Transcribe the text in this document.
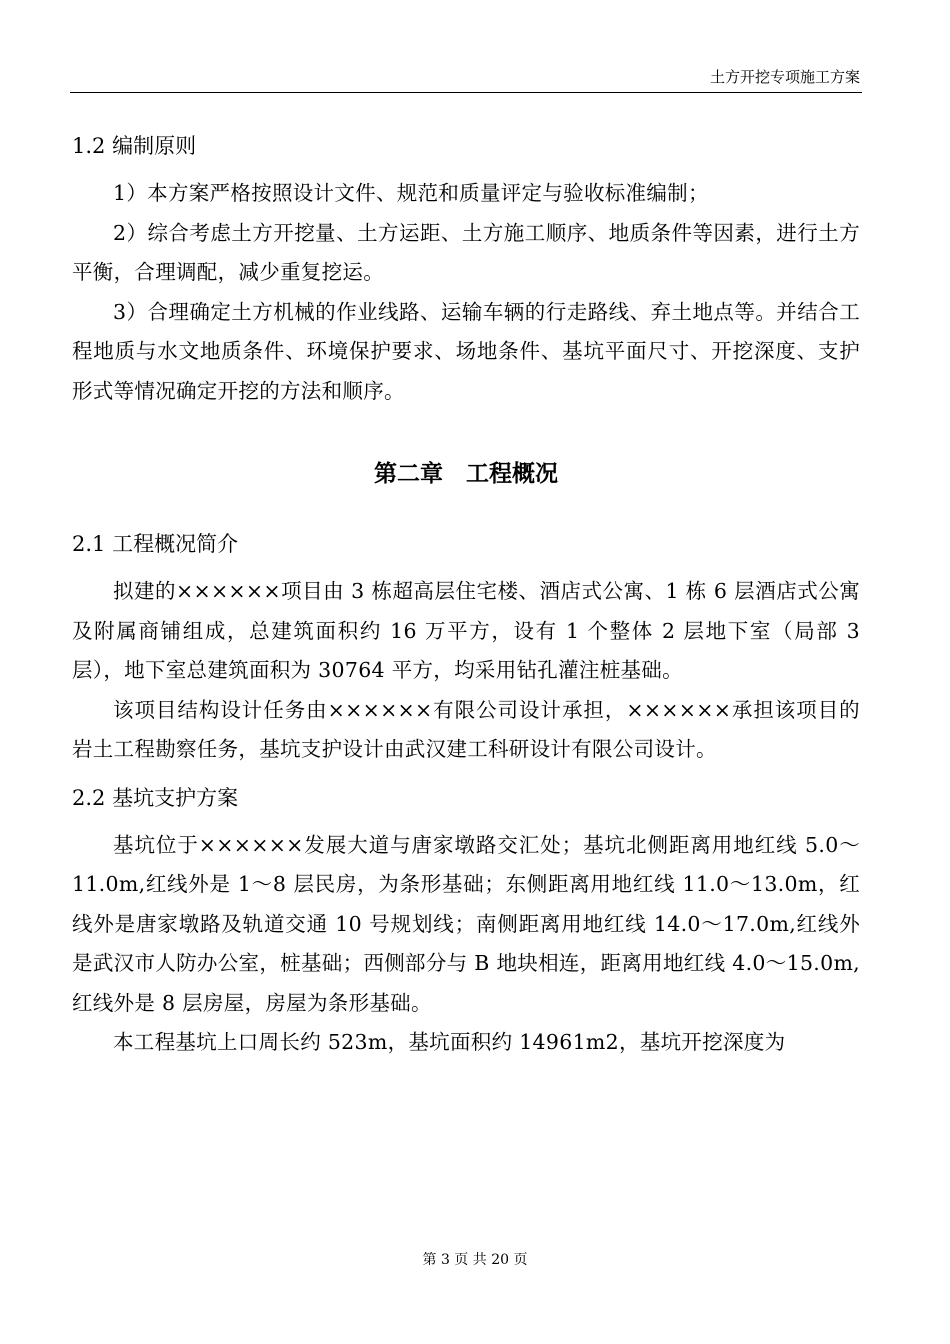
土方开挖专项施工方案

1.2 编制原则

1）本方案严格按照设计文件、规范和质量评定与验收标准编制；

2）综合考虑土方开挖量、土方运距、土方施工顺序、地质条件等因素，进行土方平衡，合理调配，减少重复挖运。

3）合理确定土方机械的作业线路、运输车辆的行走路线、弃土地点等。并结合工程地质与水文地质条件、环境保护要求、场地条件、基坑平面尺寸、开挖深度、支护形式等情况确定开挖的方法和顺序。

第二章　工程概况

2.1 工程概况简介

拟建的××××××项目由 3 栋超高层住宅楼、酒店式公寓、1 栋 6 层酒店式公寓及附属商铺组成，总建筑面积约 16 万平方，设有 1 个整体 2 层地下室（局部 3 层），地下室总建筑面积为 30764 平方，均采用钻孔灌注桩基础。

该项目结构设计任务由××××××有限公司设计承担，××××××承担该项目的岩土工程勘察任务，基坑支护设计由武汉建工科研设计有限公司设计。

2.2 基坑支护方案

基坑位于××××××发展大道与唐家墩路交汇处；基坑北侧距离用地红线 5.0～11.0m,红线外是 1～8 层民房，为条形基础；东侧距离用地红线 11.0～13.0m，红线外是唐家墩路及轨道交通 10 号规划线；南侧距离用地红线 14.0～17.0m,红线外是武汉市人防办公室，桩基础；西侧部分与 B 地块相连，距离用地红线 4.0～15.0m,红线外是 8 层房屋，房屋为条形基础。

本工程基坑上口周长约 523m，基坑面积约 14961m2，基坑开挖深度为

第 3 页 共 20 页
